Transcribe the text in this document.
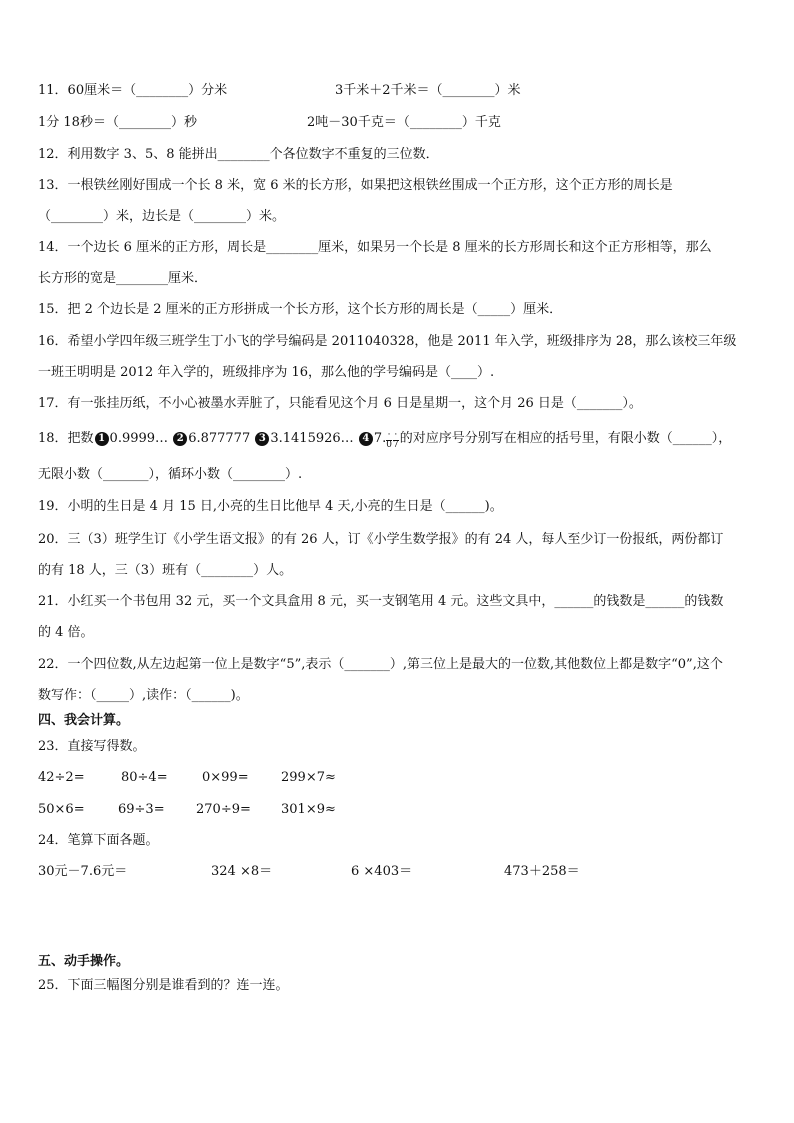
11．60厘米＝（________）分米	3千米＋2千米＝（________）米
1分 18秒＝（________）秒	2吨－30千克＝（________）千克
12．利用数字 3、5、8 能拼出________个各位数字不重复的三位数．
13．一根铁丝刚好围成一个长 8 米，宽 6 米的长方形，如果把这根铁丝围成一个正方形，这个正方形的周长是
（________）米，边长是（________）米。
14．一个边长 6 厘米的正方形，周长是________厘米，如果另一个长是 8 厘米的长方形周长和这个正方形相等，那么
长方形的宽是________厘米．
15．把 2 个边长是 2 厘米的正方形拼成一个长方形，这个长方形的周长是（_____）厘米．
16．希望小学四年级三班学生丁小飞的学号编码是 2011040328，他是 2011 年入学，班级排序为 28，那么该校三年级
一班王明明是 2012 年入学的，班级排序为 16，那么他的学号编码是（____）.
17．有一张挂历纸，不小心被墨水弄脏了，只能看见这个月 6 日是星期一，这个月 26 日是（_______）。
18．把数 1 0.9999… 2 6.877777 3 3.1415926… 4 7. $\frac{\cdot}{0} \frac{\cdot}{7}$ 的对应序号分别写在相应的括号里，有限小数（______），
无限小数（_______），循环小数（________）.
19．小明的生日是 4 月 15 日,小亮的生日比他早 4 天,小亮的生日是（______)。
20．三（3）班学生订《小学生语文报》的有 26 人，订《小学生数学报》的有 24 人，每人至少订一份报纸，两份都订
的有 18 人，三（3）班有（________）人。
21．小红买一个书包用 32 元，买一个文具盒用 8 元，买一支钢笔用 4 元。这些文具中，______的钱数是______的钱数
的 4 倍。
22．一个四位数,从左边起第一位上是数字“5”,表示（_______）,第三位上是最大的一位数,其他数位上都是数字“0”,这个
数写作：（_____）,读作：（______)。
四、我会计算。
23．直接写得数。
42÷2=	80÷4=	0×99= 299×7≈
50×6=	69÷3= 270÷9= 301×9≈
24．笔算下面各题。
30元－7.6元＝	324 ×8＝	6 ×403＝	473＋258＝
五、动手操作。
25．下面三幅图分别是谁看到的？连一连。
